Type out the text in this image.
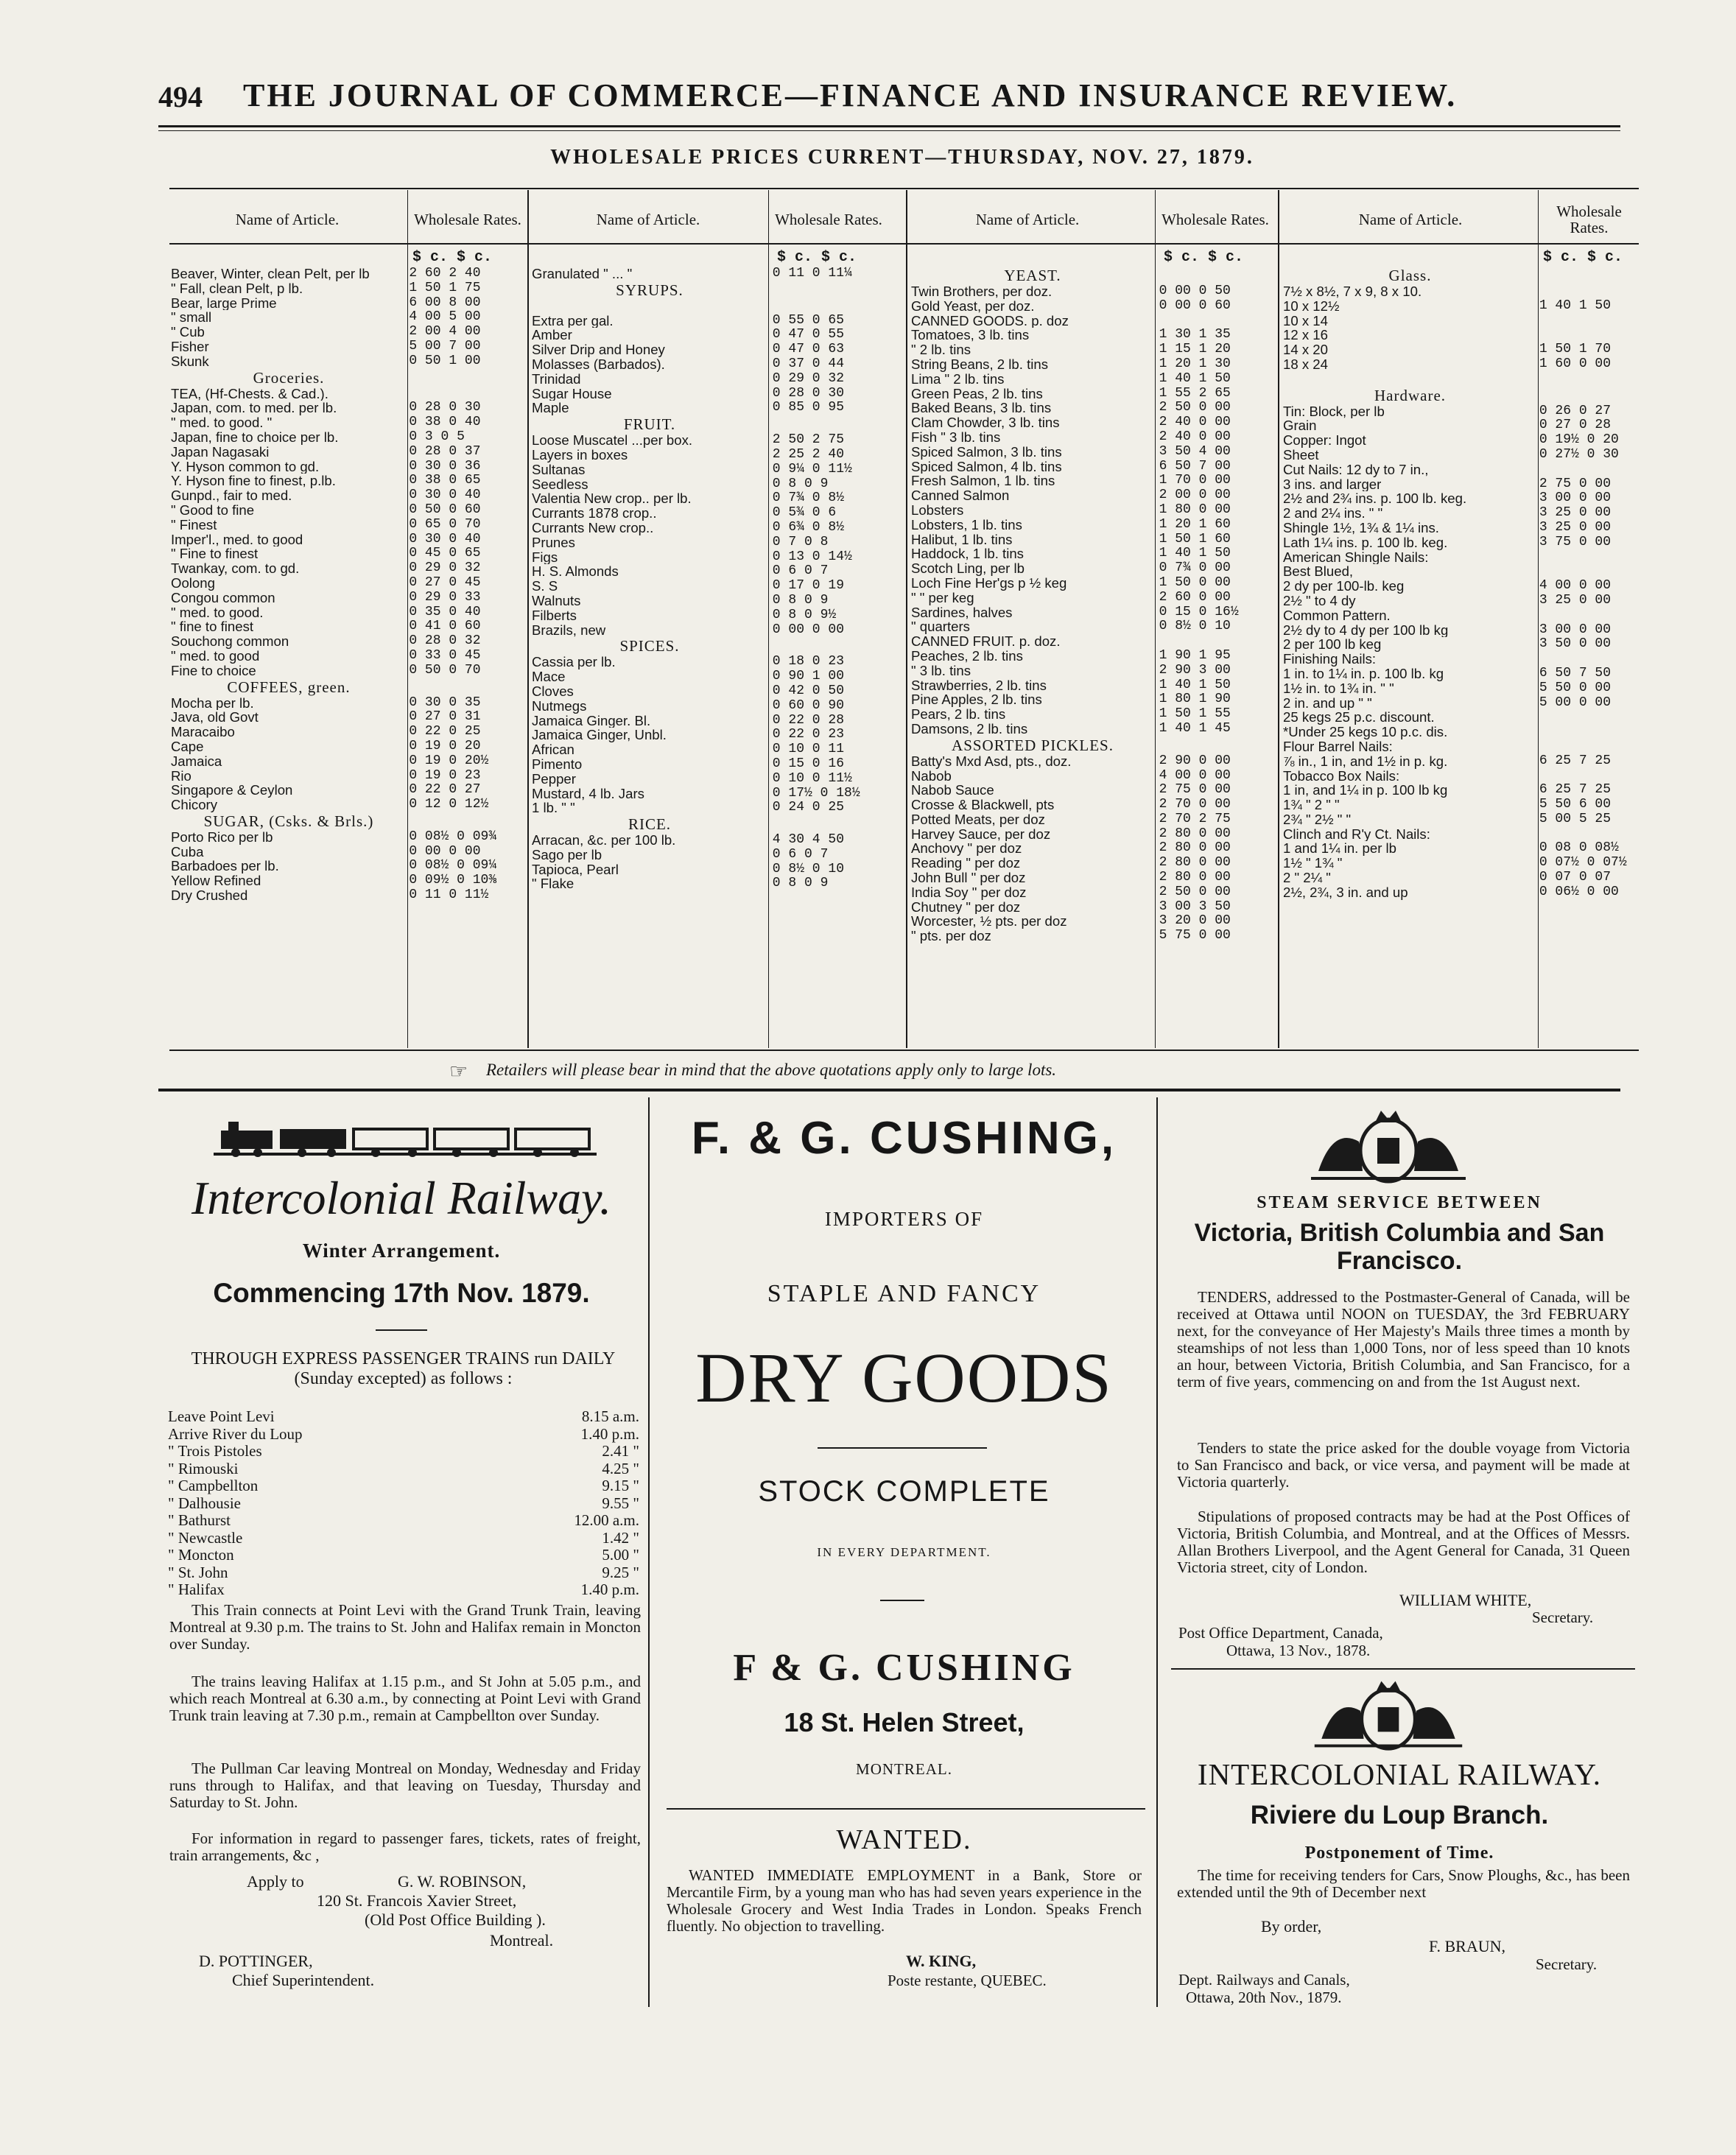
494 THE JOURNAL OF COMMERCE—FINANCE AND INSURANCE REVIEW.
WHOLESALE PRICES CURRENT—THURSDAY, NOV. 27, 1879.
Name of Article.	Wholesale Rates.	Name of Article.	Wholesale Rates.	Name of Article.	Wholesale Rates.	Name of Article.	Wholesale Rates.
$ c. $ c.	$ c. $ c.	$ c. $ c.	$ c. $ c.
Beaver, Winter, clean Pelt, per lb	2 60 2 40
" Fall, clean Pelt, p lb.	1 50 1 75
Bear, large Prime	6 00 8 00
" small	4 00 5 00
" Cub	2 00 4 00
Fisher	5 00 7 00
Skunk	0 50 1 00
Groceries.
TEA, (Hf-Chests. & Cad.).
Japan, com. to med. per lb.	0 28 0 30
" med. to good. "	0 38 0 40
Japan, fine to choice per lb.	0 3 0 5
Japan Nagasaki	0 28 0 37
Y. Hyson common to gd.	0 30 0 36
Y. Hyson fine to finest, p.lb.	0 38 0 65
Gunpd., fair to med.	0 30 0 40
" Good to fine	0 50 0 60
" Finest	0 65 0 70
Imper'l., med. to good	0 30 0 40
" Fine to finest	0 45 0 65
Twankay, com. to gd.	0 29 0 32
Oolong	0 27 0 45
Congou common	0 29 0 33
" med. to good.	0 35 0 40
" fine to finest	0 41 0 60
Souchong common	0 28 0 32
" med. to good	0 33 0 45
Fine to choice	0 50 0 70
COFFEES, green.
Mocha per lb.	0 30 0 35
Java, old Govt	0 27 0 31
Maracaibo	0 22 0 25
Cape	0 19 0 20
Jamaica	0 19 0 20½
Rio	0 19 0 23
Singapore & Ceylon	0 22 0 27
Chicory	0 12 0 12½
SUGAR, (Csks. & Brls.)
Porto Rico per lb	0 08½ 0 09¾
Cuba	0 00 0 00
Barbadoes per lb.	0 08½ 0 09¼
Yellow Refined	0 09½ 0 10⅜
Dry Crushed	0 11 0 11½
Granulated " ... "	0 11 0 11¼
SYRUPS.
Extra per gal.	0 55 0 65
Amber	0 47 0 55
Silver Drip and Honey	0 47 0 63
Molasses (Barbados).	0 37 0 44
Trinidad	0 29 0 32
Sugar House	0 28 0 30
Maple	0 85 0 95
FRUIT.
Loose Muscatel ...per box.	2 50 2 75
Layers in boxes	2 25 2 40
Sultanas	0 9¼ 0 11½
Seedless	0 8 0 9
Valentia New crop.. per lb.	0 7¾ 0 8½
Currants 1878 crop..	0 5¾ 0 6
Currants New crop..	0 6¾ 0 8½
Prunes	0 7 0 8
Figs	0 13 0 14½
H. S. Almonds	0 6 0 7
S. S	0 17 0 19
Walnuts	0 8 0 9
Filberts	0 8 0 9½
Brazils, new	0 00 0 00
SPICES.
Cassia per lb.	0 18 0 23
Mace	0 90 1 00
Cloves	0 42 0 50
Nutmegs	0 60 0 90
Jamaica Ginger. Bl.	0 22 0 28
Jamaica Ginger, Unbl.	0 22 0 23
African	0 10 0 11
Pimento	0 15 0 16
Pepper	0 10 0 11½
Mustard, 4 lb. Jars	0 17½ 0 18½
1 lb. " "	0 24 0 25
RICE.
Arracan, &c. per 100 lb.	4 30 4 50
Sago per lb	0 6 0 7
Tapioca, Pearl	0 8½ 0 10
" Flake	0 8 0 9
YEAST.
Twin Brothers, per doz.	0 00 0 50
Gold Yeast, per doz.	0 00 0 60
CANNED GOODS. p. doz
Tomatoes, 3 lb. tins	1 30 1 35
" 2 lb. tins	1 15 1 20
String Beans, 2 lb. tins	1 20 1 30
Lima " 2 lb. tins	1 40 1 50
Green Peas, 2 lb. tins	1 55 2 65
Baked Beans, 3 lb. tins	2 50 0 00
Clam Chowder, 3 lb. tins	2 40 0 00
Fish " 3 lb. tins	2 40 0 00
Spiced Salmon, 3 lb. tins	3 50 4 00
Spiced Salmon, 4 lb. tins	6 50 7 00
Fresh Salmon, 1 lb. tins	1 70 0 00
Canned Salmon	2 00 0 00
Lobsters	1 80 0 00
Lobsters, 1 lb. tins	1 20 1 60
Halibut, 1 lb. tins	1 50 1 60
Haddock, 1 lb. tins	1 40 1 50
Scotch Ling, per lb	0 7¾ 0 00
Loch Fine Her'gs p ½ keg	1 50 0 00
" " per keg	2 60 0 00
Sardines, halves	0 15 0 16½
" quarters	0 8½ 0 10
CANNED FRUIT. p. doz.
Peaches, 2 lb. tins	1 90 1 95
" 3 lb. tins	2 90 3 00
Strawberries, 2 lb. tins	1 40 1 50
Pine Apples, 2 lb. tins	1 80 1 90
Pears, 2 lb. tins	1 50 1 55
Damsons, 2 lb. tins	1 40 1 45
ASSORTED PICKLES.
Batty's Mxd Asd, pts., doz.	2 90 0 00
Nabob	4 00 0 00
Nabob Sauce	2 75 0 00
Crosse & Blackwell, pts	2 70 0 00
Potted Meats, per doz	2 70 2 75
Harvey Sauce, per doz	2 80 0 00
Anchovy " per doz	2 80 0 00
Reading " per doz	2 80 0 00
John Bull " per doz	2 80 0 00
India Soy " per doz	2 50 0 00
Chutney " per doz	3 00 3 50
Worcester, ½ pts. per doz	3 20 0 00
" pts. per doz	5 75 0 00
Glass.
7½ x 8½, 7 x 9, 8 x 10.
10 x 12½	1 40 1 50
10 x 14
12 x 16
14 x 20	1 50 1 70
18 x 24	1 60 0 00
Hardware.
Tin: Block, per lb	0 26 0 27
Grain	0 27 0 28
Copper: Ingot	0 19½ 0 20
Sheet	0 27½ 0 30
Cut Nails: 12 dy to 7 in.,
3 ins. and larger	2 75 0 00
2½ and 2¾ ins. p. 100 lb. keg.	3 00 0 00
2 and 2¼ ins. " "	3 25 0 00
Shingle 1½, 1¾ & 1¼ ins.	3 25 0 00
Lath 1¼ ins. p. 100 lb. keg.	3 75 0 00
American Shingle Nails:
Best Blued,
2 dy per 100-lb. keg	4 00 0 00
2½ " to 4 dy	3 25 0 00
Common Pattern.
2½ dy to 4 dy per 100 lb kg	3 00 0 00
2 per 100 lb keg	3 50 0 00
Finishing Nails:
1 in. to 1¼ in. p. 100 lb. kg	6 50 7 50
1½ in. to 1¾ in. " "	5 50 0 00
2 in. and up " "	5 00 0 00
25 kegs 25 p.c. discount.
*Under 25 kegs 10 p.c. dis.
Flour Barrel Nails:
⅞ in., 1 in, and 1½ in p. kg.	6 25 7 25
Tobacco Box Nails:
1 in, and 1¼ in p. 100 lb kg	6 25 7 25
1¾ " 2 " "	5 50 6 00
2¾ " 2½ " "	5 00 5 25
Clinch and R'y Ct. Nails:
1 and 1¼ in. per lb	0 08 0 08½
1½ " 1¾ "	0 07½ 0 07½
2 " 2¼ "	0 07 0 07
2½, 2¾, 3 in. and up	0 06½ 0 00
☞ Retailers will please bear in mind that the above quotations apply only to large lots.
Intercolonial Railway.
Winter Arrangement.
Commencing 17th Nov. 1879.
THROUGH EXPRESS PASSENGER TRAINS run DAILY (Sunday excepted) as follows :
Leave Point Levi	8.15 a.m.
Arrive River du Loup	1.40 p.m.
" Trois Pistoles	2.41 "
" Rimouski	4.25 "
" Campbellton	9.15 "
" Dalhousie	9.55 "
" Bathurst	12.00 a.m.
" Newcastle	1.42 "
" Moncton	5.00 "
" St. John	9.25 "
" Halifax	1.40 p.m.
This Train connects at Point Levi with the Grand Trunk Train, leaving Montreal at 9.30 p.m. The trains to St. John and Halifax remain in Moncton over Sunday.
The trains leaving Halifax at 1.15 p.m., and St John at 5.05 p.m., and which reach Montreal at 6.30 a.m., by connecting at Point Levi with Grand Trunk train leaving at 7.30 p.m., remain at Campbellton over Sunday.
The Pullman Car leaving Montreal on Monday, Wednesday and Friday runs through to Halifax, and that leaving on Tuesday, Thursday and Saturday to St. John.
For information in regard to passenger fares, tickets, rates of freight, train arrangements, &c ,
Apply to	G. W. ROBINSON,
120 St. Francois Xavier Street,
(Old Post Office Building ).
Montreal.
D. POTTINGER,
Chief Superintendent.
F. & G. CUSHING,
IMPORTERS OF
STAPLE AND FANCY
DRY GOODS
STOCK COMPLETE
IN EVERY DEPARTMENT.
F & G. CUSHING
18 St. Helen Street,
MONTREAL.
WANTED.
WANTED IMMEDIATE EMPLOYMENT in a Bank, Store or Mercantile Firm, by a young man who has had seven years experience in the Wholesale Grocery and West India Trades in London. Speaks French fluently. No objection to travelling.
W. KING,
Poste restante, QUEBEC.
STEAM SERVICE BETWEEN
Victoria, British Columbia and San Francisco.
TENDERS, addressed to the Postmaster-General of Canada, will be received at Ottawa until NOON on TUESDAY, the 3rd FEBRUARY next, for the conveyance of Her Majesty's Mails three times a month by steamships of not less than 1,000 Tons, nor of less speed than 10 knots an hour, between Victoria, British Columbia, and San Francisco, for a term of five years, commencing on and from the 1st August next.
Tenders to state the price asked for the double voyage from Victoria to San Francisco and back, or vice versa, and payment will be made at Victoria quarterly.
Stipulations of proposed contracts may be had at the Post Offices of Victoria, British Columbia, and Montreal, and at the Offices of Messrs. Allan Brothers Liverpool, and the Agent General for Canada, 31 Queen Victoria street, city of London.
WILLIAM WHITE,
Secretary.
Post Office Department, Canada,
Ottawa, 13 Nov., 1878.
INTERCOLONIAL RAILWAY.
Riviere du Loup Branch.
Postponement of Time.
The time for receiving tenders for Cars, Snow Ploughs, &c., has been extended until the 9th of December next
By order,
F. BRAUN,
Secretary.
Dept. Railways and Canals,
Ottawa, 20th Nov., 1879.
